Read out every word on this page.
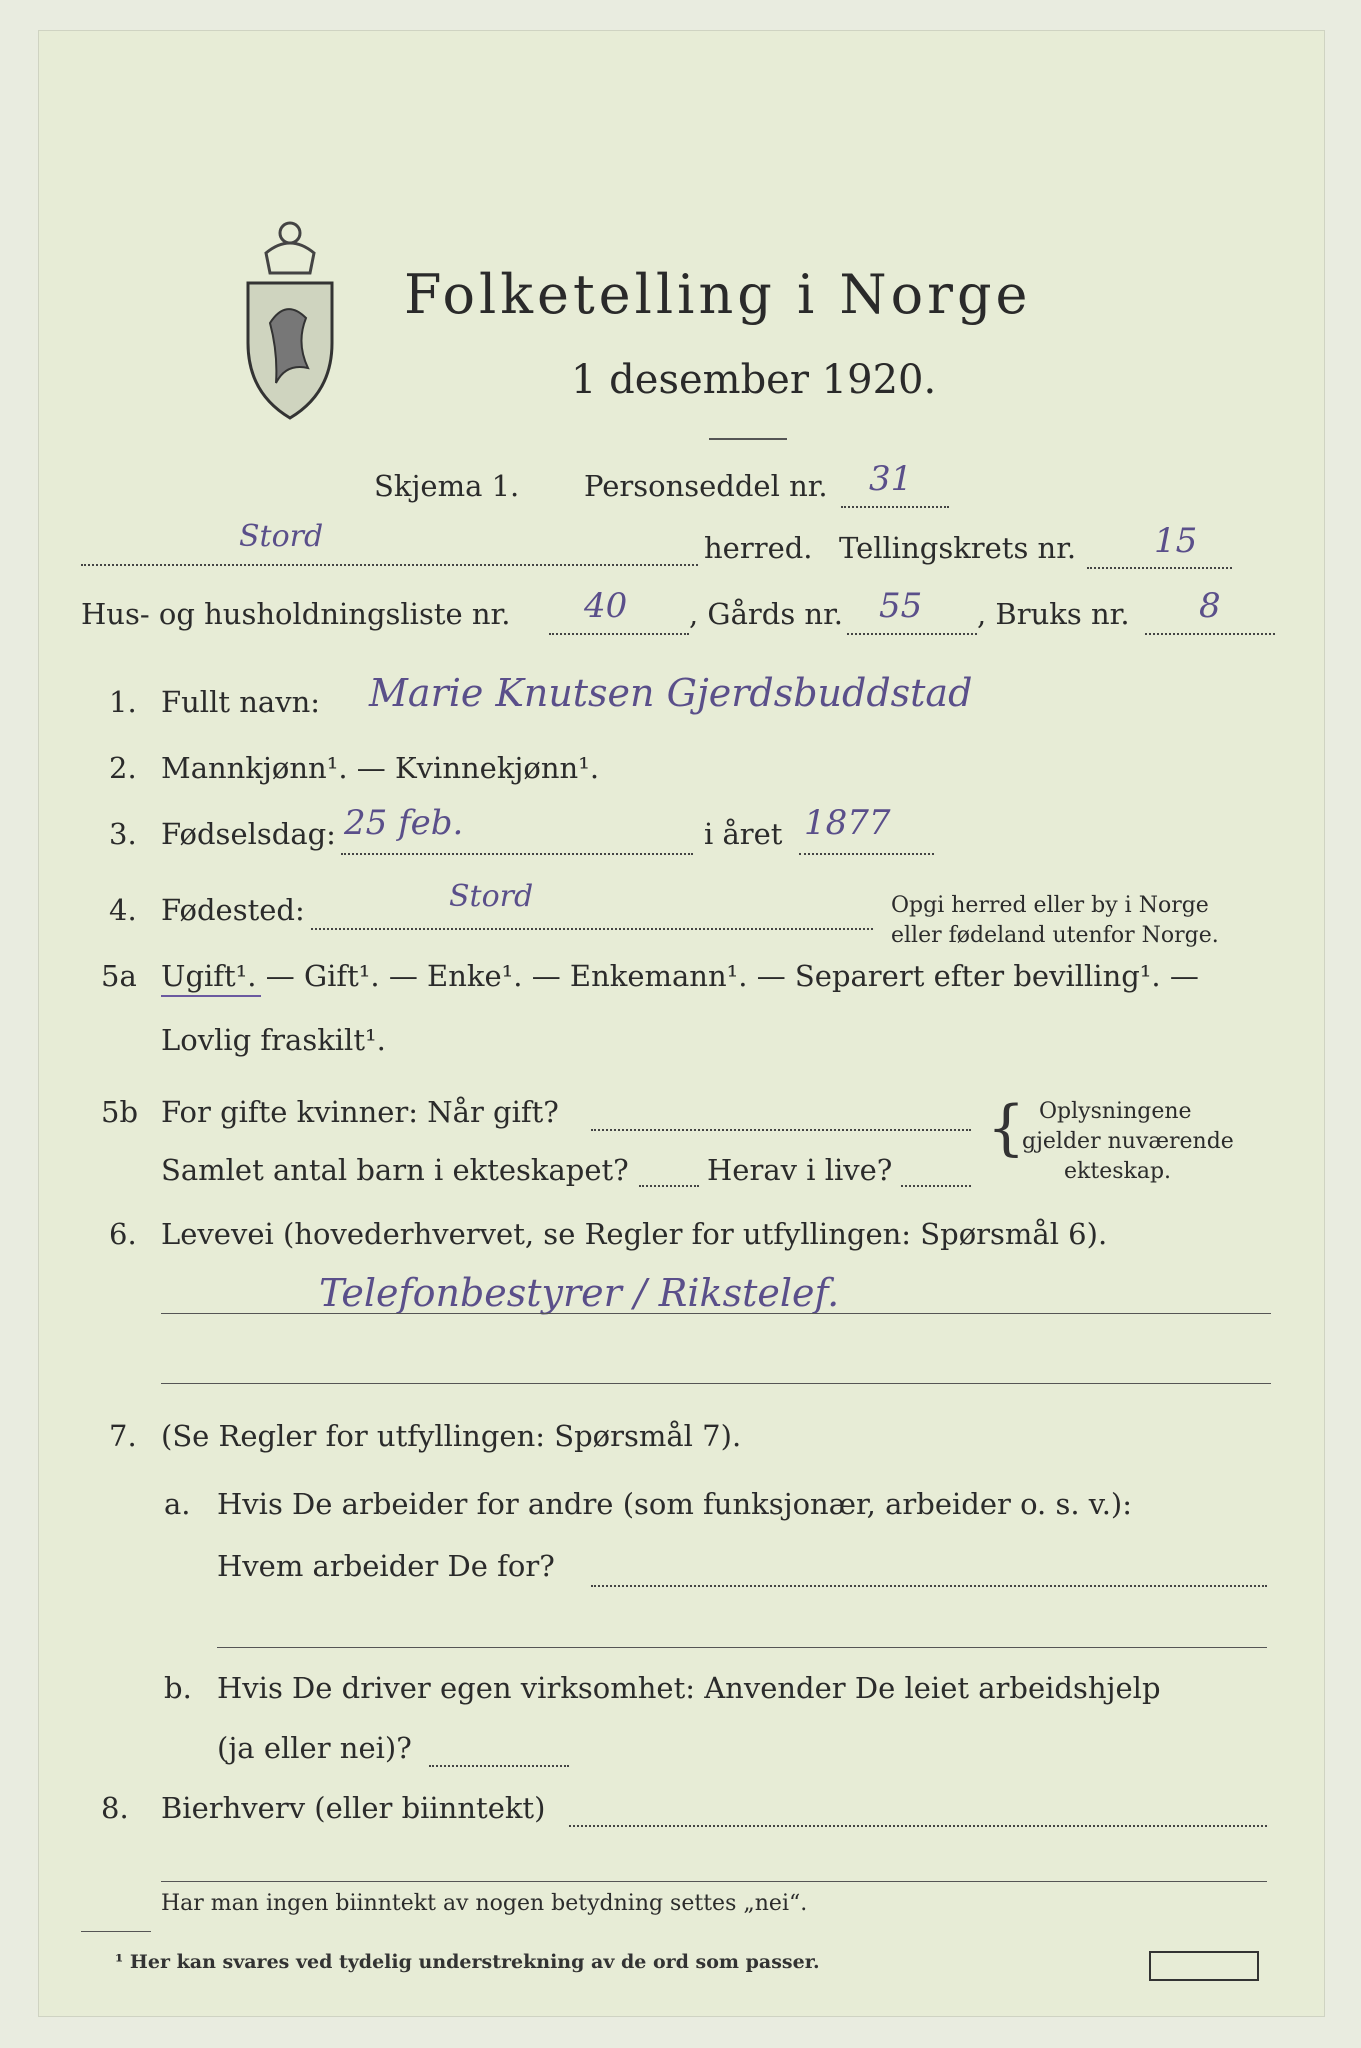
Folketelling i Norge
1 desember 1920.
Skjema 1. Personseddel nr. 31
Stord	herred. Tellingskrets nr. 15
Hus- og husholdningsliste nr. 40 , Gårds nr. 55 , Bruks nr. 8
1. Fullt navn: Marie Knutsen Gjerdsbuddstad
2. Mannkjønn¹. — Kvinnekjønn¹.
3. Fødselsdag: 25 feb.	i året 1877
4. Fødested:	Stord	Opgi herred eller by i Norge
eller fødeland utenfor Norge.
5a Ugift¹. — Gift¹. — Enke¹. — Enkemann¹. — Separert efter bevilling¹. —
Lovlig fraskilt¹.
5b For gifte kvinner: Når gift?
Samlet antal barn i ekteskapet?	Herav i live?
{ Oplysningene
gjelder nuværende
ekteskap.
6. Levevei (hovederhvervet, se Regler for utfyllingen: Spørsmål 6).
Telefonbestyrer / Rikstelef.
7. (Se Regler for utfyllingen: Spørsmål 7).
a. Hvis De arbeider for andre (som funksjonær, arbeider o. s. v.):
Hvem arbeider De for?
b. Hvis De driver egen virksomhet: Anvender De leiet arbeidshjelp
(ja eller nei)?
8. Bierhverv (eller biinntekt)
Har man ingen biinntekt av nogen betydning settes „nei“.
¹ Her kan svares ved tydelig understrekning av de ord som passer.
